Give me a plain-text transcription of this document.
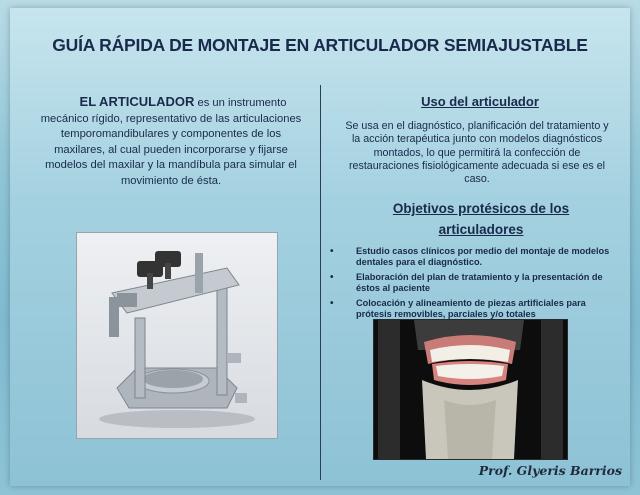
GUÍA RÁPIDA DE MONTAJE EN ARTICULADOR SEMIAJUSTABLE
EL ARTICULADOR es un instrumento mecánico rígido, representativo de las articulaciones temporomandibulares y componentes de los maxilares, al cual pueden incorporarse y fijarse modelos del maxilar y la mandíbula para simular el movimiento de ésta.
Uso del articulador
Se usa en el diagnóstico, planificación del tratamiento y la acción terapéutica junto con modelos diagnósticos montados, lo que permitirá la confección de restauraciones fisiológicamente adecuada si ese es el caso.
Objetivos protésicos de los articuladores
• Estudio casos clínicos por medio del montaje de modelos dentales para el diagnóstico.
• Elaboración del plan de tratamiento y la presentación de éstos al paciente
• Colocación y alineamiento de piezas artificiales para prótesis removibles, parciales y/o totales
Prof. Glyeris Barrios
